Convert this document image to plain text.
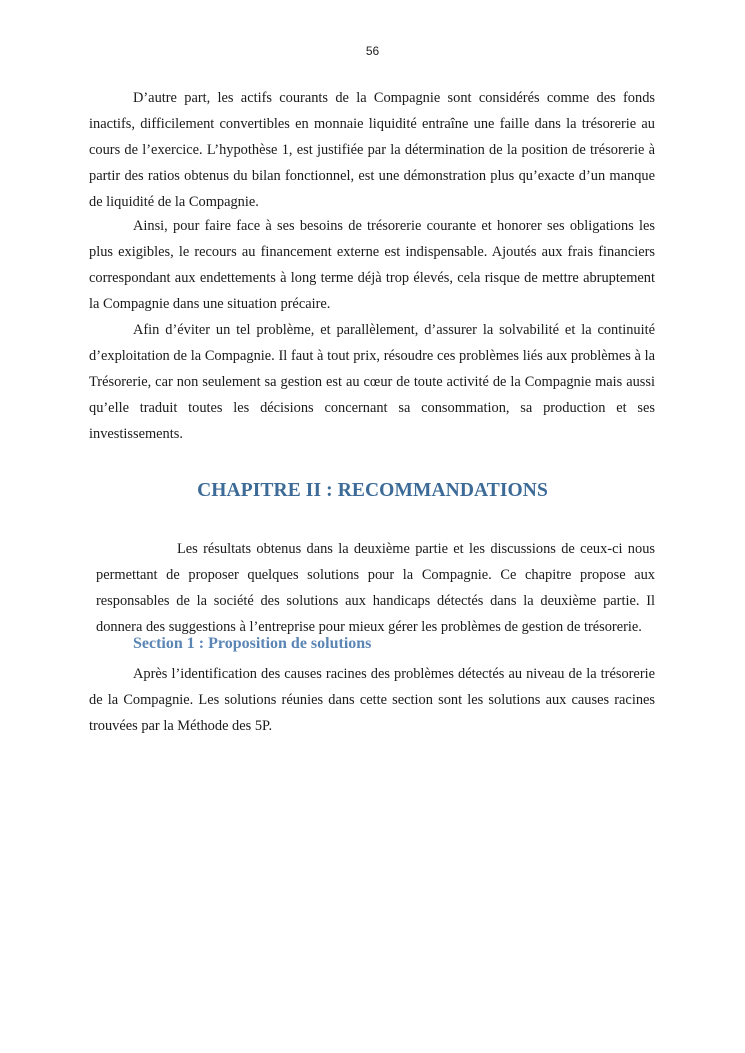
56

D’autre part, les actifs courants de la Compagnie sont considérés comme des fonds inactifs, difficilement convertibles en monnaie liquidité entraîne une faille dans la trésorerie au cours de l’exercice. L’hypothèse 1, est justifiée par la détermination de la position de trésorerie à partir des ratios obtenus du bilan fonctionnel, est une démonstration plus qu’exacte d’un manque de liquidité de la Compagnie.

Ainsi, pour faire face à ses besoins de trésorerie courante et honorer ses obligations les plus exigibles, le recours au financement externe est indispensable. Ajoutés aux frais financiers correspondant aux endettements à long terme déjà trop élevés, cela risque de mettre abruptement la Compagnie dans une situation précaire.

Afin d’éviter un tel problème, et parallèlement, d’assurer la solvabilité et la continuité d’exploitation de la Compagnie. Il faut à tout prix, résoudre ces problèmes liés aux problèmes à la Trésorerie, car non seulement sa gestion est au cœur de toute activité de la Compagnie mais aussi qu’elle traduit toutes les décisions concernant sa consommation, sa production et ses investissements.

CHAPITRE II : RECOMMANDATIONS

Les résultats obtenus dans la deuxième partie et les discussions de ceux-ci nous permettant de proposer quelques solutions pour la Compagnie. Ce chapitre propose aux responsables de la société des solutions aux handicaps détectés dans la deuxième partie. Il donnera des suggestions à l’entreprise pour mieux gérer les problèmes de gestion de trésorerie.

Section 1 : Proposition de solutions

Après l’identification des causes racines des problèmes détectés au niveau de la trésorerie de la Compagnie. Les solutions réunies dans cette section sont les solutions aux causes racines trouvées par la Méthode des 5P.
